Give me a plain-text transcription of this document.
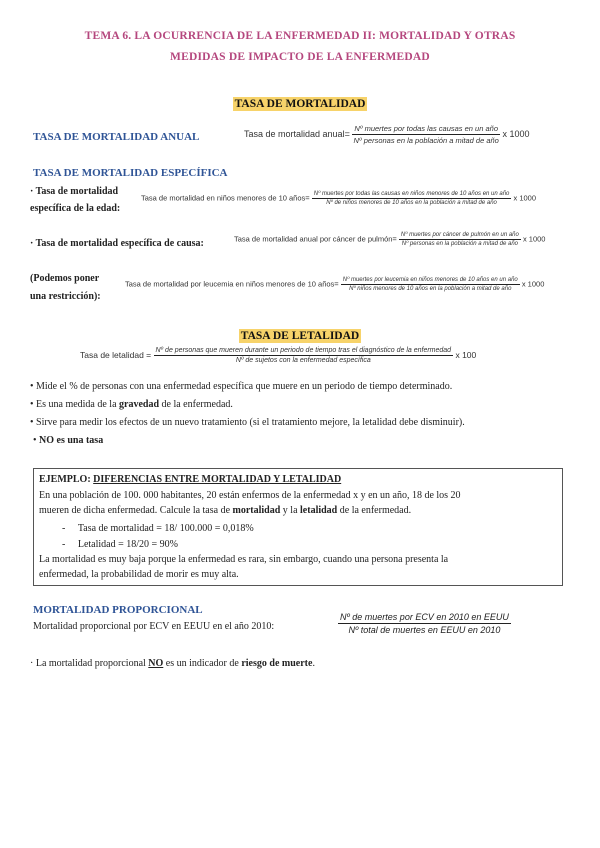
TEMA 6. LA OCURRENCIA DE LA ENFERMEDAD II: MORTALIDAD Y OTRAS
MEDIDAS DE IMPACTO DE LA ENFERMEDAD
TASA DE MORTALIDAD
TASA DE MORTALIDAD ANUAL	Tasa de mortalidad anual= $\frac{\text{Nº muertes por todas las causas en un año}}{\text{Nº personas en la población a mitad de año}}$ x 1000
TASA DE MORTALIDAD ESPECÍFICA
· Tasa de mortalidad
específica de la edad:
Tasa de mortalidad en niños menores de 10 años= Nº muertes por todas las causas en niños menores de 10 años en un año
Nº de niños menores de 10 años en la población a mitad de año
x 1000
· Tasa de mortalidad específica de causa:	Tasa de mortalidad anual por cáncer de pulmón= $\frac{\text{Nº muertes por cáncer de pulmón en un año}}{\text{Nº personas en la población a mitad de año}}$ x 1000
(Podemos poner
una restricción):
Tasa de mortalidad por leucemia en niños menores de 10 años= Nº muertes por leucemia en niños menores de 10 años en un año
Nº niños menores de 10 años en la población a mitad de año
x 1000
TASA DE LETALIDAD
Tasa de letalidad = Nº de personas que mueren durante un periodo de tiempo tras el diagnóstico de la enfermedad
Nº de sujetos con la enfermedad específica
x 100
• Mide el % de personas con una enfermedad específica que muere en un periodo de tiempo determinado.
• Es una medida de la gravedad de la enfermedad.
• Sirve para medir los efectos de un nuevo tratamiento (si el tratamiento mejore, la letalidad debe disminuir).
• NO es una tasa
EJEMPLO: DIFERENCIAS ENTRE MORTALIDAD Y LETALIDAD
En una población de 100. 000 habitantes, 20 están enfermos de la enfermedad x y en un año, 18 de los 20
mueren de dicha enfermedad. Calcule la tasa de mortalidad y la letalidad de la enfermedad.
-     Tasa de mortalidad = 18/ 100.000 = 0,018%
-     Letalidad = 18/20 = 90%
La mortalidad es muy baja porque la enfermedad es rara, sin embargo, cuando una persona presenta la
enfermedad, la probabilidad de morir es muy alta.
MORTALIDAD PROPORCIONAL
Mortalidad proporcional por ECV en EEUU en el año 2010:	$\frac{\text{Nº de muertes por ECV en 2010 en EEUU}}{\text{Nº total de muertes en EEUU en 2010}}$
· La mortalidad proporcional NO es un indicador de riesgo de muerte.
